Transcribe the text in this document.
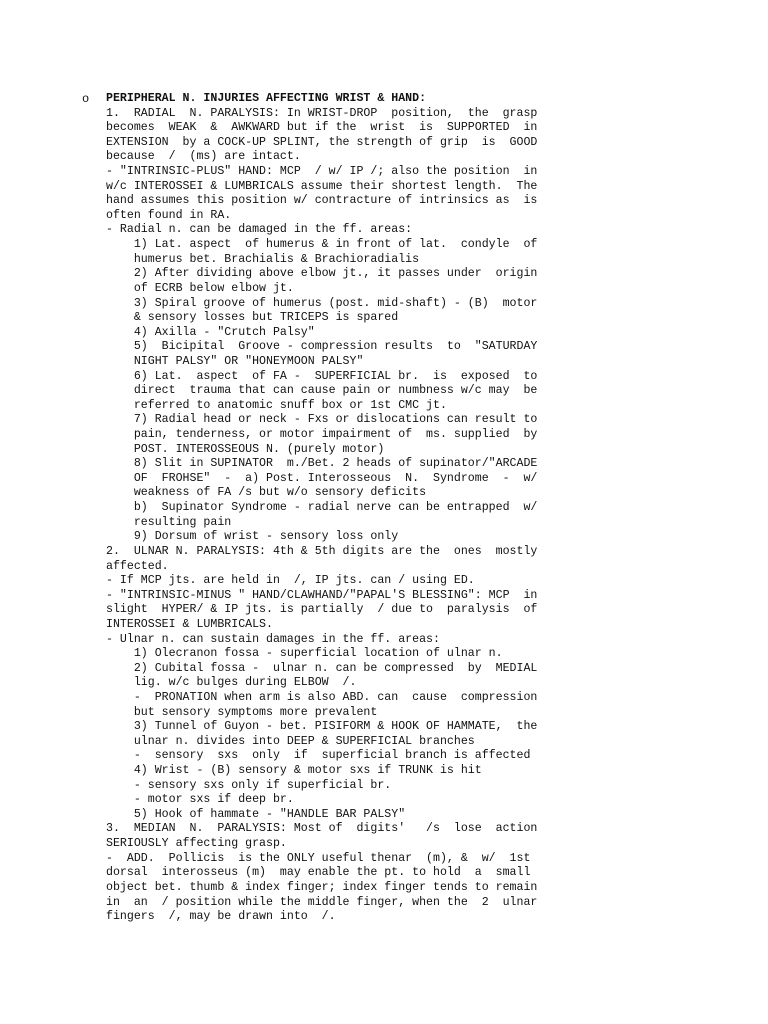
o PERIPHERAL N. INJURIES AFFECTING WRIST & HAND:
1.  RADIAL  N. PARALYSIS: In WRIST-DROP  position,  the  grasp
becomes  WEAK  &  AWKWARD but if the  wrist  is  SUPPORTED  in
EXTENSION  by a COCK-UP SPLINT, the strength of grip  is  GOOD
because  /  (ms) are intact.
- "INTRINSIC-PLUS" HAND: MCP  / w/ IP /; also the position  in
w/c INTEROSSEI & LUMBRICALS assume their shortest length.  The
hand assumes this position w/ contracture of intrinsics as  is
often found in RA.
- Radial n. can be damaged in the ff. areas:
1) Lat. aspect  of humerus & in front of lat.  condyle  of
humerus bet. Brachialis & Brachioradialis
2) After dividing above elbow jt., it passes under  origin
of ECRB below elbow jt.
3) Spiral groove of humerus (post. mid-shaft) - (B)  motor
& sensory losses but TRICEPS is spared
4) Axilla - "Crutch Palsy"
5)  Bicipital  Groove - compression results  to  "SATURDAY
NIGHT PALSY" OR "HONEYMOON PALSY"
6) Lat.  aspect  of FA -  SUPERFICIAL br.  is  exposed  to
direct  trauma that can cause pain or numbness w/c may  be
referred to anatomic snuff box or 1st CMC jt.
7) Radial head or neck - Fxs or dislocations can result to
pain, tenderness, or motor impairment of  ms. supplied  by
POST. INTEROSSEOUS N. (purely motor)
8) Slit in SUPINATOR  m./Bet. 2 heads of supinator/"ARCADE
OF  FROHSE"  -  a) Post. Interosseous  N.  Syndrome  -  w/
weakness of FA /s but w/o sensory deficits
b)  Supinator Syndrome - radial nerve can be entrapped  w/
resulting pain
9) Dorsum of wrist - sensory loss only
2.  ULNAR N. PARALYSIS: 4th & 5th digits are the  ones  mostly
affected.
- If MCP jts. are held in  /, IP jts. can / using ED.
- "INTRINSIC-MINUS " HAND/CLAWHAND/"PAPAL'S BLESSING": MCP  in
slight  HYPER/ & IP jts. is partially  / due to  paralysis  of
INTEROSSEI & LUMBRICALS.
- Ulnar n. can sustain damages in the ff. areas:
1) Olecranon fossa - superficial location of ulnar n.
2) Cubital fossa -  ulnar n. can be compressed  by  MEDIAL
lig. w/c bulges during ELBOW  /.
-  PRONATION when arm is also ABD. can  cause  compression
but sensory symptoms more prevalent
3) Tunnel of Guyon - bet. PISIFORM & HOOK OF HAMMATE,  the
ulnar n. divides into DEEP & SUPERFICIAL branches
-  sensory  sxs  only  if  superficial branch is affected
4) Wrist - (B) sensory & motor sxs if TRUNK is hit
- sensory sxs only if superficial br.
- motor sxs if deep br.
5) Hook of hammate - "HANDLE BAR PALSY"
3.  MEDIAN  N.  PARALYSIS: Most of  digits'   /s  lose  action
SERIOUSLY affecting grasp.
-  ADD.  Pollicis  is the ONLY useful thenar  (m), &  w/  1st
dorsal  interosseus (m)  may enable the pt. to hold  a  small
object bet. thumb & index finger; index finger tends to remain
in  an  / position while the middle finger, when the  2  ulnar
fingers  /, may be drawn into  /.
